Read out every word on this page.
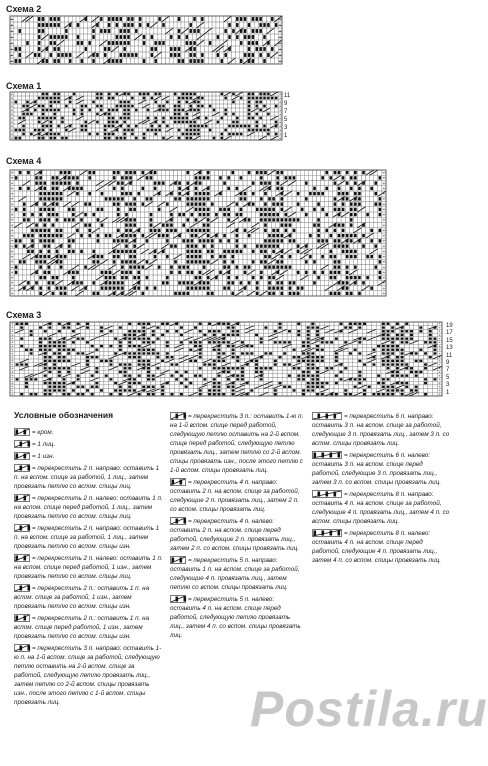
Схема 2
+	+
+	+
+	+
+	+
+	+
+	+
+	+
+	+
Схема 1
+	+
+	+
+	+
+	+
+	+
+	+
+	+
+	+
+	+
+	+
+	+
+	+
11
9
7
5
3
1
Схема 4
+	+
+	+
+	+
+	+
+	+
+	+
+	+
+	+
+	+
+	+
+	+
+	+
+	+
+	+
+	+
+	+
+	+
+	+
+	+
+	+
+	+
+	+
+	+
+	+
Схема 3
+	+
+	+
+	+
+	+
+	+
+	+
+	+
+	+
+	+
+	+
+	+
+	+
+	+
+	+
+	+
+	+
+	+
+	+
+	+
+	+
19
17
15
13
11
9
7
5
3
1
Условные обозначения
= кром.
= 1 лиц.
= 1 изн.
= перекрестить 2 п. направо: оставить 1 п. на вспом. спице за работой, 1 лиц., затем провязать петлю со вспом. спицы лиц.
= перекрестить 2 п. налево: оставить 1 п. на вспом. спице перед работой, 1 лиц., затем провязать петлю со вспом. спицы лиц.
= перекрестить 2 п. направо: оставить 1 п. на вспом. спице за работой, 1 лиц., затем провязать петлю со вспом. спицы изн.
= перекрестить 2 п. налево: оставить 1 п. на вспом. спице перед работой, 1 изн., затем провязать петлю со вспом. спицы лиц.
= перекрестить 2 п.: оставить 1 п. на вспом. спице за работой, 1 изн., затем провязать петлю со вспом. спицы изн.
= перекрестить 2 п.: оставить 1 п. на вспом. спице перед работой, 1 изн., затем провязать петлю со вспом. спицы изн.
= перекрестить 3 п. направо: оставить 1-ю п. на 1-й вспом. спице за работой, следующую петлю оставить на 2-й вспом. спице за работой, следующую петлю провязать лиц., затем петлю со 2-й вспом. спицы провязать изн., после этого петлю с 1-й вспом. спицы провязать лиц.
= перекрестить 3 п.: оставить 1-ю п. на 1-й вспом. спице перед работой, следующую петлю оставить на 2-й вспом. спице перед работой, следующую петлю провязать лиц., затем петлю со 2-й вспом. спицы провязать изн., после этого петлю с 1-й вспом. спицы провязать лиц.
= перекрестить 4 п. направо: оставить 2 п. на вспом. спице за работой, следующие 2 п. провязать лиц., затем 2 п. со вспом. спицы провязать лиц.
= перекрестить 4 п. налево: оставить 2 п. на вспом. спице перед работой, следующие 2 п. провязать лиц., затем 2 п. со вспом. спицы провязать лиц.
= перекрестить 5 п. направо: оставить 1 п. на вспом. спице за работой, следующие 4 п. провязать лиц., затем петлю со вспом. спицы провязать лиц.
= перекрестить 5 п. налево: оставить 4 п. на вспом. спице перед работой, следующую петлю провязать лиц., затем 4 п. со вспом. спицы провязать лиц.
= перекрестить 6 п. направо: оставить 3 п. на вспом. спице за работой, следующие 3 п. провязать лиц., затем 3 п. со вспом. спицы провязать лиц.
= перекрестить 6 п. налево: оставить 3 п. на вспом. спице перед работой, следующие 3 п. провязать лиц., затем 3 п. со вспом. спицы провязать лиц.
= перекрестить 8 п. направо: оставить 4 п. на вспом. спице за работой, следующие 4 п. провязать лиц., затем 4 п. со вспом. спицы провязать лиц.
= перекрестить 8 п. налево: оставить 4 п. на вспом. спице перед работой, следующие 4 п. провязать лиц., затем 4 п. со вспом. спицы провязать лиц.
Postila.ru
